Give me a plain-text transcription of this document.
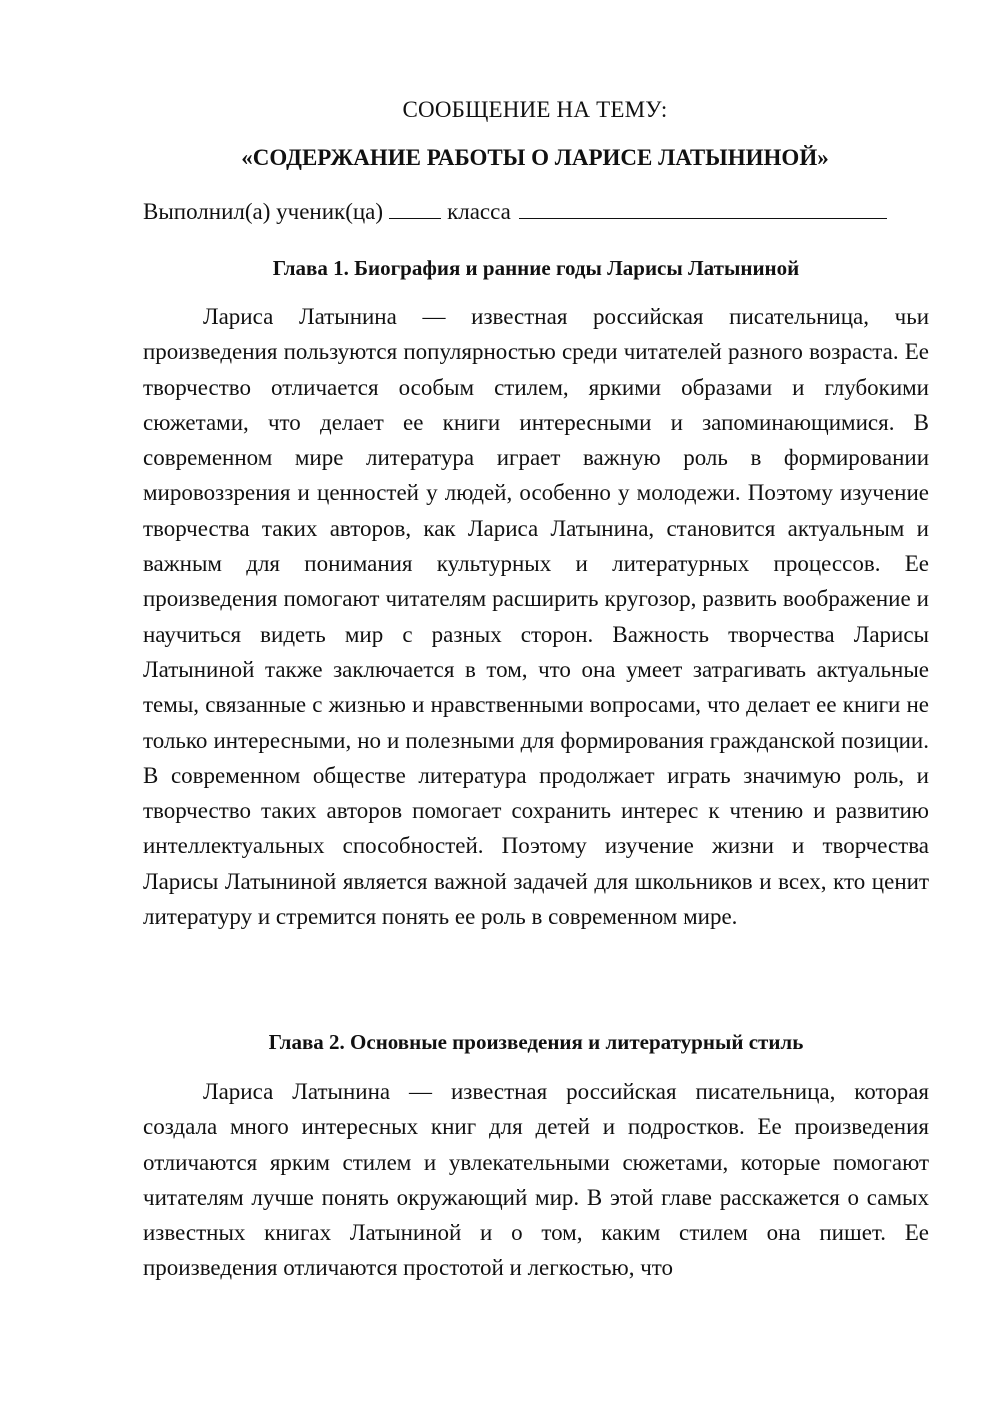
СООБЩЕНИЕ НА ТЕМУ:
«СОДЕРЖАНИЕ РАБОТЫ О ЛАРИСЕ ЛАТЫНИНОЙ»
Выполнил(а) ученик(ца)	класса
Глава 1. Биография и ранние годы Ларисы Латыниной

Лариса Латынина — известная российская писательница, чьи произведения пользуются популярностью среди читателей разного возраста. Ее творчество отличается особым стилем, яркими образами и глубокими сюжетами, что делает ее книги интересными и запоминающимися. В современном мире литература играет важную роль в формировании мировоззрения и ценностей у людей, особенно у молодежи. Поэтому изучение творчества таких авторов, как Лариса Латынина, становится актуальным и важным для понимания культурных и литературных процессов. Ее произведения помогают читателям расширить кругозор, развить воображение и научиться видеть мир с разных сторон. Важность творчества Ларисы Латыниной также заключается в том, что она умеет затрагивать актуальные темы, связанные с жизнью и нравственными вопросами, что делает ее книги не только интересными, но и полезными для формирования гражданской позиции. В современном обществе литература продолжает играть значимую роль, и творчество таких авторов помогает сохранить интерес к чтению и развитию интеллектуальных способностей. Поэтому изучение жизни и творчества Ларисы Латыниной является важной задачей для школьников и всех, кто ценит литературу и стремится понять ее роль в современном мире.

Глава 2. Основные произведения и литературный стиль

Лариса Латынина — известная российская писательница, которая создала много интересных книг для детей и подростков. Ее произведения отличаются ярким стилем и увлекательными сюжетами, которые помогают читателям лучше понять окружающий мир. В этой главе расскажется о самых известных книгах Латыниной и о том, каким стилем она пишет. Ее произведения отличаются простотой и легкостью, что
